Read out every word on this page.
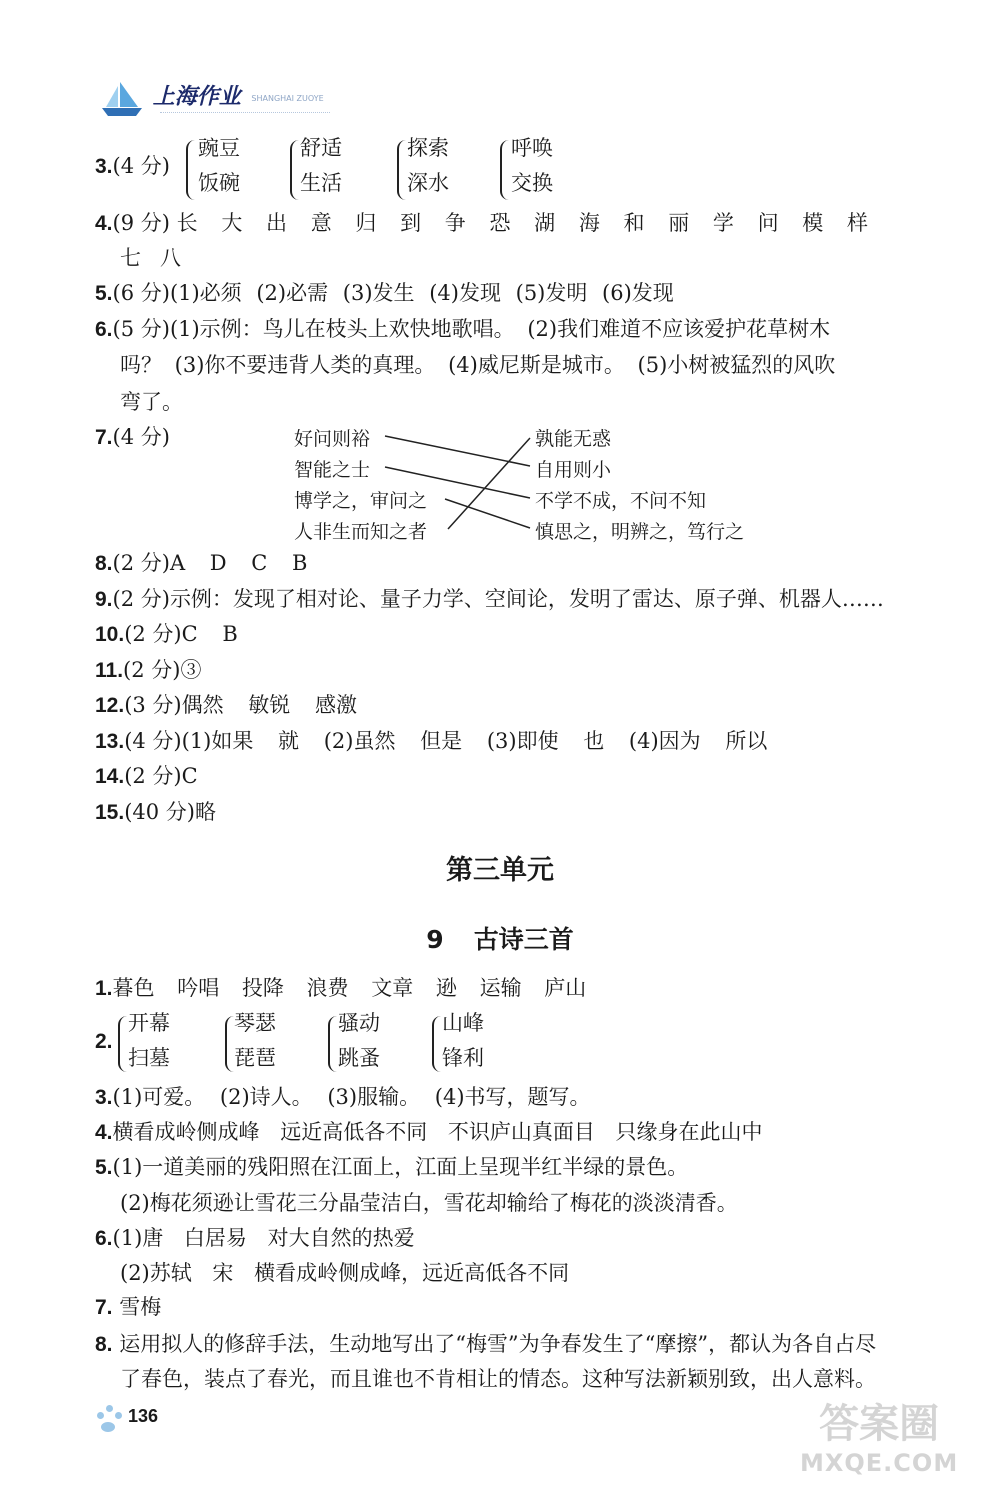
上海作业 SHANGHAI ZUOYE
3.(4 分)
豌豆
饭碗
舒适
生活
探索
深水
呼唤
交换
4.(9 分) 长 大 出 意 归 到 争 恐 湖 海 和 丽 学 问 模 样
七 八
5.(6 分)(1)必须 (2)必需 (3)发生 (4)发现 (5)发明 (6)发现
6.(5 分)(1)示例：鸟儿在枝头上欢快地歌唱。 (2)我们难道不应该爱护花草树木
吗？ (3)你不要违背人类的真理。 (4)威尼斯是城市。 (5)小树被猛烈的风吹
弯了。
7.(4 分)	好问则裕
智能之士
博学之，审问之
人非生而知之者
孰能无惑
自用则小
不学不成，不问不知
慎思之，明辨之，笃行之
8.(2 分)A D C B
9.(2 分)示例：发现了相对论、量子力学、空间论，发明了雷达、原子弹、机器人……
10.(2 分)C B
11.(2 分)③
12.(3 分)偶然 敏锐 感激
13.(4 分)(1)如果 就 (2)虽然 但是 (3)即使 也 (4)因为 所以
14.(2 分)C
15.(40 分)略
第三单元
9 古诗三首
1.暮色 吟唱 投降 浪费 文章 逊 运输 庐山
2.
开幕
扫墓
琴瑟
琵琶
骚动
跳蚤
山峰
锋利
3.(1)可爱。 (2)诗人。 (3)服输。 (4)书写，题写。
4.横看成岭侧成峰 远近高低各不同 不识庐山真面目 只缘身在此山中
5.(1)一道美丽的残阳照在江面上，江面上呈现半红半绿的景色。
(2)梅花须逊让雪花三分晶莹洁白，雪花却输给了梅花的淡淡清香。
6.(1)唐 白居易 对大自然的热爱
(2)苏轼 宋 横看成岭侧成峰，远近高低各不同
7. 雪梅
8. 运用拟人的修辞手法，生动地写出了“梅雪”为争春发生了“摩擦”，都认为各自占尽
了春色，装点了春光，而且谁也不肯相让的情态。这种写法新颖别致，出人意料。
136	答案圈
MXQE.COM
